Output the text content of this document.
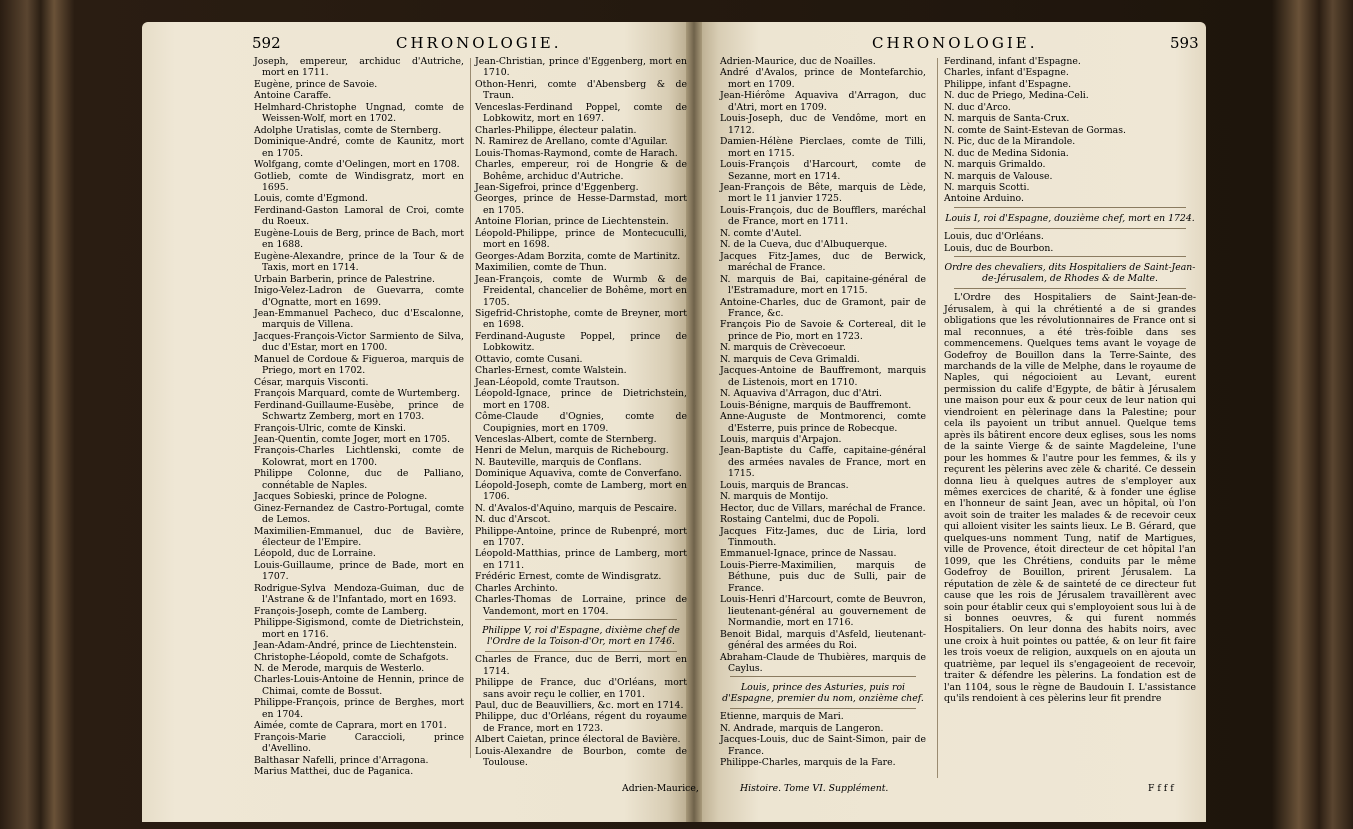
592	CHRONOLOGIE.

Joseph, empereur, archiduc d'Autriche, mort en 1711.

Eugène, prince de Savoie.

Antoine Caraffe.

Helmhard-Christophe Ungnad, comte de Weissen-Wolf, mort en 1702.

Adolphe Uratislas, comte de Sternberg.

Dominique-André, comte de Kaunitz, mort en 1705.

Wolfgang, comte d'Oelingen, mort en 1708.

Gotlieb, comte de Windisgratz, mort en 1695.

Louis, comte d'Egmond.

Ferdinand-Gaston Lamoral de Croi, comte du Roeux.

Eugène-Louis de Berg, prince de Bach, mort en 1688.

Eugène-Alexandre, prince de la Tour & de Taxis, mort en 1714.

Urbain Barberin, prince de Palestrine.

Inigo-Velez-Ladron de Guevarra, comte d'Ognatte, mort en 1699.

Jean-Emmanuel Pacheco, duc d'Escalonne, marquis de Villena.

Jacques-François-Victor Sarmiento de Silva, duc d'Estar, mort en 1700.

Manuel de Cordoue & Figueroa, marquis de Priego, mort en 1702.

César, marquis Visconti.

François Marquard, comte de Wurtemberg.

Ferdinand-Guillaume-Eusèbe, prince de Schwartz Zemberg, mort en 1703.

François-Ulric, comte de Kinski.

Jean-Quentin, comte Joger, mort en 1705.

François-Charles Lichtlenski, comte de Kolowrat, mort en 1700.

Philippe Colonne, duc de Palliano, connétable de Naples.

Jacques Sobieski, prince de Pologne.

Ginez-Fernandez de Castro-Portugal, comte de Lemos.

Maximilien-Emmanuel, duc de Bavière, électeur de l'Empire.

Léopold, duc de Lorraine.

Louis-Guillaume, prince de Bade, mort en 1707.

Rodrigue-Sylva Mendoza-Guiman, duc de l'Astrane & de l'Infantado, mort en 1693.

François-Joseph, comte de Lamberg.

Philippe-Sigismond, comte de Dietrichstein, mort en 1716.

Jean-Adam-André, prince de Liechtenstein.

Christophe-Léopold, comte de Schafgots.

N. de Merode, marquis de Westerlo.

Charles-Louis-Antoine de Hennin, prince de Chimai, comte de Bossut.

Philippe-François, prince de Berghes, mort en 1704.

Aimée, comte de Caprara, mort en 1701.

François-Marie Caraccioli, prince d'Avellino.

Balthasar Nafelli, prince d'Arragona.

Marius Matthei, duc de Paganica.

Jean-Christian, prince d'Eggenberg, mort en 1710.

Othon-Henri, comte d'Abensberg & de Traun.

Venceslas-Ferdinand Poppel, comte de Lobkowitz, mort en 1697.

Charles-Philippe, électeur palatin.

N. Ramirez de Arellano, comte d'Aguilar.

Louis-Thomas-Raymond, comte de Harach.

Charles, empereur, roi de Hongrie & de Bohême, archiduc d'Autriche.

Jean-Sigefroi, prince d'Eggenberg.

Georges, prince de Hesse-Darmstad, mort en 1705.

Antoine Florian, prince de Liechtenstein.

Léopold-Philippe, prince de Montecuculli, mort en 1698.

Georges-Adam Borzita, comte de Martinitz.

Maximilien, comte de Thun.

Jean-François, comte de Wurmb & de Freidental, chancelier de Bohême, mort en 1705.

Sigefrid-Christophe, comte de Breyner, mort en 1698.

Ferdinand-Auguste Poppel, prince de Lobkowitz.

Ottavio, comte Cusani.

Charles-Ernest, comte Walstein.

Jean-Léopold, comte Trautson.

Léopold-Ignace, prince de Dietrichstein, mort en 1708.

Côme-Claude d'Ognies, comte de Coupignies, mort en 1709.

Venceslas-Albert, comte de Sternberg.

Henri de Melun, marquis de Richebourg.

N. Bauteville, marquis de Conflans.

Dominique Aquaviva, comte de Converfano.

Léopold-Joseph, comte de Lamberg, mort en 1706.

N. d'Avalos-d'Aquino, marquis de Pescaire.

N. duc d'Arscot.

Philippe-Antoine, prince de Rubenpré, mort en 1707.

Léopold-Matthias, prince de Lamberg, mort en 1711.

Frédéric Ernest, comte de Windisgratz.

Charles Archinto.

Charles-Thomas de Lorraine, prince de Vandemont, mort en 1704.

Philippe V, roi d'Espagne, dixième chef de l'Ordre de la Toison-d'Or, mort en 1746.

Charles de France, duc de Berri, mort en 1714.

Philippe de France, duc d'Orléans, mort sans avoir reçu le collier, en 1701.

Paul, duc de Beauvilliers, &c. mort en 1714.

Philippe, duc d'Orléans, régent du royaume de France, mort en 1723.

Albert Caietan, prince électoral de Bavière.

Louis-Alexandre de Bourbon, comte de Toulouse.

Adrien-Maurice,
CHRONOLOGIE.	593

Adrien-Maurice, duc de Noailles.

André d'Avalos, prince de Montefarchio, mort en 1709.

Jean-Hiérôme Aquaviva d'Arragon, duc d'Atri, mort en 1709.

Louis-Joseph, duc de Vendôme, mort en 1712.

Damien-Hélène Pierclaes, comte de Tilli, mort en 1715.

Louis-François d'Harcourt, comte de Sezanne, mort en 1714.

Jean-François de Bête, marquis de Lède, mort le 11 janvier 1725.

Louis-François, duc de Boufflers, maréchal de France, mort en 1711.

N. comte d'Autel.

N. de la Cueva, duc d'Albuquerque.

Jacques Fitz-James, duc de Berwick, maréchal de France.

N. marquis de Bai, capitaine-général de l'Estramadure, mort en 1715.

Antoine-Charles, duc de Gramont, pair de France, &c.

François Pio de Savoie & Cortereal, dit le prince de Pio, mort en 1723.

N. marquis de Crèvecoeur.

N. marquis de Ceva Grimaldi.

Jacques-Antoine de Bauffremont, marquis de Listenois, mort en 1710.

N. Aquaviva d'Arragon, duc d'Atri.

Louis-Bénigne, marquis de Bauffremont.

Anne-Auguste de Montmorenci, comte d'Esterre, puis prince de Robecque.

Louis, marquis d'Arpajon.

Jean-Baptiste du Caffe, capitaine-général des armées navales de France, mort en 1715.

Louis, marquis de Brancas.

N. marquis de Montijo.

Hector, duc de Villars, maréchal de France.

Rostaing Cantelmi, duc de Popoli.

Jacques Fitz-James, duc de Liria, lord Tinmouth.

Emmanuel-Ignace, prince de Nassau.

Louis-Pierre-Maximilien, marquis de Béthune, puis duc de Sulli, pair de France.

Louis-Henri d'Harcourt, comte de Beuvron, lieutenant-général au gouvernement de Normandie, mort en 1716.

Benoit Bidal, marquis d'Asfeld, lieutenant-général des armées du Roi.

Abraham-Claude de Thubières, marquis de Caylus.

Louis, prince des Asturies, puis roi d'Espagne, premier du nom, onzième chef.

Etienne, marquis de Mari.

N. Andrade, marquis de Langeron.

Jacques-Louis, duc de Saint-Simon, pair de France.

Philippe-Charles, marquis de la Fare.

Ferdinand, infant d'Espagne.

Charles, infant d'Espagne.

Philippe, infant d'Espagne.

N. duc de Priego, Medina-Celi.

N. duc d'Arco.

N. marquis de Santa-Crux.

N. comte de Saint-Estevan de Gormas.

N. Pic, duc de la Mirandole.

N. duc de Medina Sidonia.

N. marquis Grimaldo.

N. marquis de Valouse.

N. marquis Scotti.

Antoine Arduino.

Louis I, roi d'Espagne, douzième chef, mort en 1724.

Louis, duc d'Orléans.

Louis, duc de Bourbon.

Ordre des chevaliers, dits Hospitaliers de Saint-Jean-de-Jérusalem, de Rhodes & de Malte.

L'Ordre des Hospitaliers de Saint-Jean-de-Jérusalem, à qui la chrétienté a de si grandes obligations que les révolutionnaires de France ont si mal reconnues, a été très-foible dans ses commencemens. Quelques tems avant le voyage de Godefroy de Bouillon dans la Terre-Sainte, des marchands de la ville de Melphe, dans le royaume de Naples, qui négocioient au Levant, eurent permission du calife d'Egypte, de bâtir à Jérusalem une maison pour eux & pour ceux de leur nation qui viendroient en pèlerinage dans la Palestine; pour cela ils payoient un tribut annuel. Quelque tems après ils bâtirent encore deux eglises, sous les noms de la sainte Vierge & de sainte Magdeleine, l'une pour les hommes & l'autre pour les femmes, & ils y reçurent les pèlerins avec zèle & charité. Ce dessein donna lieu à quelques autres de s'employer aux mêmes exercices de charité, & à fonder une église en l'honneur de saint Jean, avec un hôpital, où l'on avoit soin de traiter les malades & de recevoir ceux qui alloient visiter les saints lieux. Le B. Gérard, que quelques-uns nomment Tung, natif de Martigues, ville de Provence, étoit directeur de cet hôpital l'an 1099, que les Chrétiens, conduits par le même Godefroy de Bouillon, prirent Jérusalem. La réputation de zèle & de sainteté de ce directeur fut cause que les rois de Jérusalem travaillèrent avec soin pour établir ceux qui s'employoient sous lui à de si bonnes oeuvres, & qui furent nommés Hospitaliers. On leur donna des habits noirs, avec une croix à huit pointes ou pattée, & on leur fit faire les trois voeux de religion, auxquels on en ajouta un quatrième, par lequel ils s'engageoient de recevoir, traiter & défendre les pèlerins. La fondation est de l'an 1104, sous le règne de Baudouin I. L'assistance qu'ils rendoient à ces pèlerins leur fit prendre

Histoire. Tome VI. Supplément.	F f f f
